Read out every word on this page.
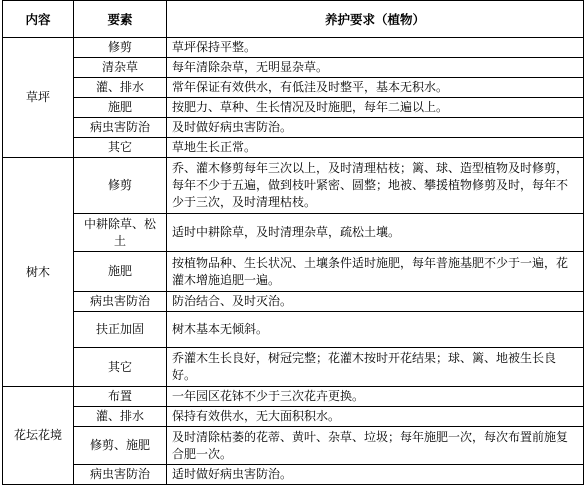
内容	要素	养护要求（植物）
草坪	修剪	草坪保持平整。
	清杂草	每年清除杂草，无明显杂草。
	灌、排水	常年保证有效供水，有低洼及时整平，基本无积水。
	施肥	按肥力、草种、生长情况及时施肥，每年二遍以上。
	病虫害防治	及时做好病虫害防治。
	其它	草地生长正常。
树木	修剪	乔、灌木修剪每年三次以上，及时清理枯枝；篱、球、造型植物及时修剪，每年不少于五遍，做到枝叶紧密、圆整；地被、攀援植物修剪及时，每年不少于三次，及时清理枯枝。
	中耕除草、松土	适时中耕除草，及时清理杂草，疏松土壤。
	施肥	按植物品种、生长状况、土壤条件适时施肥，每年普施基肥不少于一遍，花灌木增施追肥一遍。
	病虫害防治	防治结合、及时灭治。
	扶正加固	树木基本无倾斜。
	其它	乔灌木生长良好，树冠完整；花灌木按时开花结果；球、篱、地被生长良好。
花坛花境	布置	一年园区花钵不少于三次花卉更换。
	灌、排水	保持有效供水，无大面积积水。
	修剪、施肥	及时清除枯萎的花蒂、黄叶、杂草、垃圾；每年施肥一次，每次布置前施复合肥一次。
	病虫害防治	适时做好病虫害防治。
